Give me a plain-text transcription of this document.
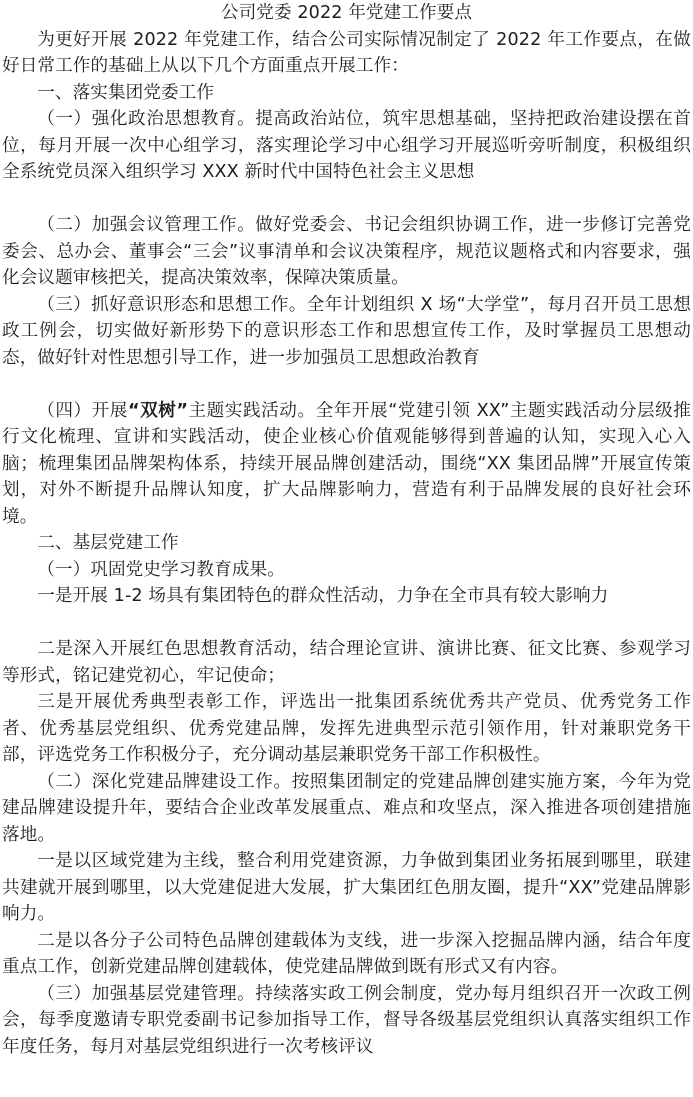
公司党委 2022 年党建工作要点

为更好开展 2022 年党建工作，结合公司实际情况制定了 2022 年工作要点，在做好日常工作的基础上从以下几个方面重点开展工作：

一、落实集团党委工作

（一）强化政治思想教育。提高政治站位，筑牢思想基础，坚持把政治建设摆在首位，每月开展一次中心组学习，落实理论学习中心组学习开展巡听旁听制度，积极组织全系统党员深入组织学习 XXX 新时代中国特色社会主义思想

（二）加强会议管理工作。做好党委会、书记会组织协调工作，进一步修订完善党委会、总办会、董事会“三会”议事清单和会议决策程序，规范议题格式和内容要求，强化会议题审核把关，提高决策效率，保障决策质量。

（三）抓好意识形态和思想工作。全年计划组织 X 场“大学堂”，每月召开员工思想政工例会，切实做好新形势下的意识形态工作和思想宣传工作，及时掌握员工思想动态，做好针对性思想引导工作，进一步加强员工思想政治教育

（四）开展“双树”主题实践活动。全年开展“党建引领 XX”主题实践活动分层级推行文化梳理、宣讲和实践活动，使企业核心价值观能够得到普遍的认知，实现入心入脑；梳理集团品牌架构体系，持续开展品牌创建活动，围绕“XX 集团品牌”开展宣传策划，对外不断提升品牌认知度，扩大品牌影响力，营造有利于品牌发展的良好社会环境。

二、基层党建工作

（一）巩固党史学习教育成果。

一是开展 1-2 场具有集团特色的群众性活动，力争在全市具有较大影响力

二是深入开展红色思想教育活动，结合理论宣讲、演讲比赛、征文比赛、参观学习等形式，铭记建党初心，牢记使命；

三是开展优秀典型表彰工作，评选出一批集团系统优秀共产党员、优秀党务工作者、优秀基层党组织、优秀党建品牌，发挥先进典型示范引领作用，针对兼职党务干部，评选党务工作积极分子，充分调动基层兼职党务干部工作积极性。

（二）深化党建品牌建设工作。按照集团制定的党建品牌创建实施方案，今年为党建品牌建设提升年，要结合企业改革发展重点、难点和攻坚点，深入推进各项创建措施落地。

一是以区域党建为主线，整合利用党建资源，力争做到集团业务拓展到哪里，联建共建就开展到哪里，以大党建促进大发展，扩大集团红色朋友圈，提升“XX”党建品牌影响力。

二是以各分子公司特色品牌创建载体为支线，进一步深入挖掘品牌内涵，结合年度重点工作，创新党建品牌创建载体，使党建品牌做到既有形式又有内容。

（三）加强基层党建管理。持续落实政工例会制度，党办每月组织召开一次政工例会，每季度邀请专职党委副书记参加指导工作，督导各级基层党组织认真落实组织工作年度任务，每月对基层党组织进行一次考核评议
